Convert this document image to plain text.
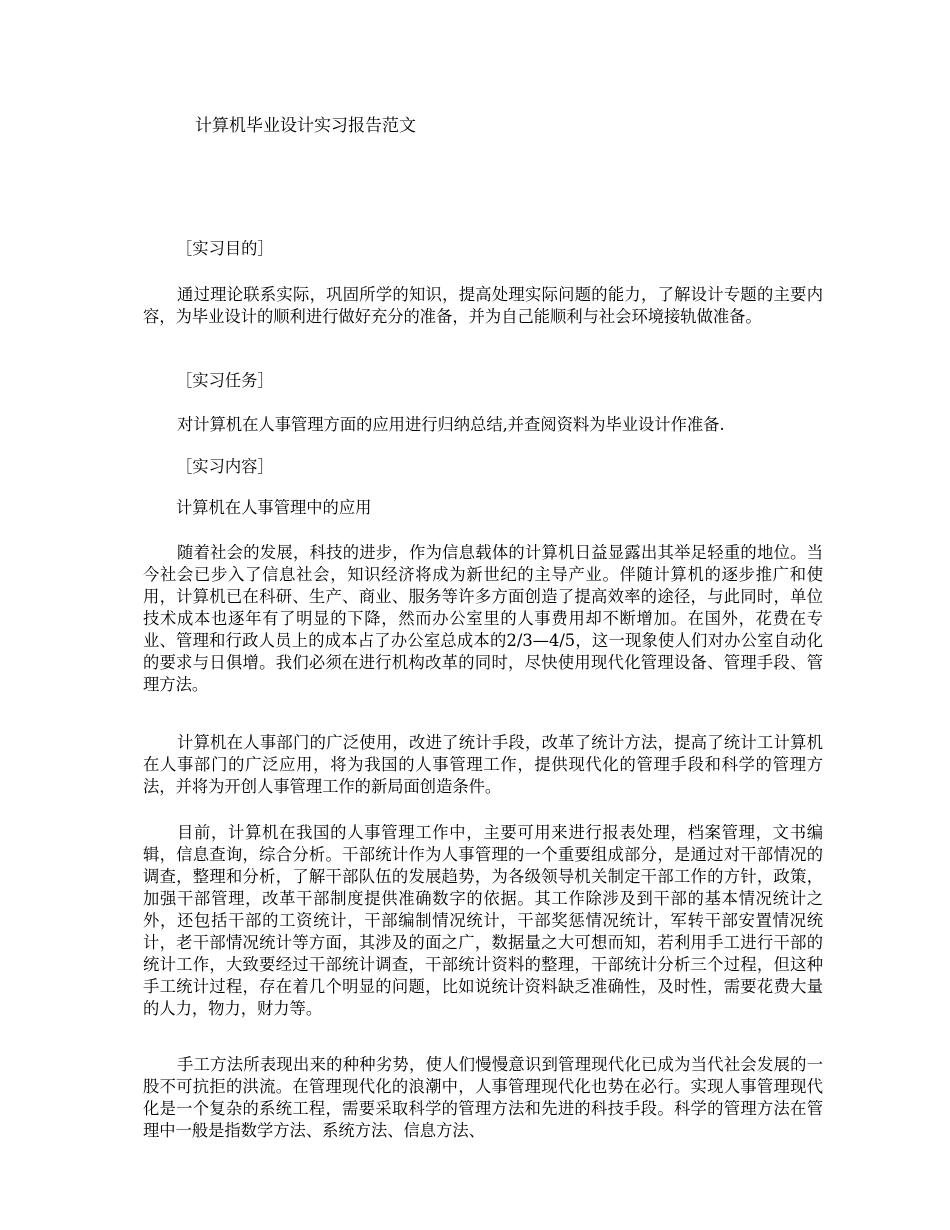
计算机毕业设计实习报告范文

［实习目的］

通过理论联系实际，巩固所学的知识，提高处理实际问题的能力，了解设计专题的主要内容，为毕业设计的顺利进行做好充分的准备，并为自己能顺利与社会环境接轨做准备。

［实习任务］

对计算机在人事管理方面的应用进行归纳总结,并查阅资料为毕业设计作准备.

［实习内容］

计算机在人事管理中的应用

随着社会的发展，科技的进步，作为信息载体的计算机日益显露出其举足轻重的地位。当今社会已步入了信息社会，知识经济将成为新世纪的主导产业。伴随计算机的逐步推广和使用，计算机已在科研、生产、商业、服务等许多方面创造了提高效率的途径，与此同时，单位技术成本也逐年有了明显的下降，然而办公室里的人事费用却不断增加。在国外，花费在专业、管理和行政人员上的成本占了办公室总成本的2/3—4/5，这一现象使人们对办公室自动化的要求与日俱增。我们必须在进行机构改革的同时，尽快使用现代化管理设备、管理手段、管理方法。

计算机在人事部门的广泛使用，改进了统计手段，改革了统计方法，提高了统计工计算机在人事部门的广泛应用，将为我国的人事管理工作，提供现代化的管理手段和科学的管理方法，并将为开创人事管理工作的新局面创造条件。

目前，计算机在我国的人事管理工作中，主要可用来进行报表处理，档案管理，文书编辑，信息查询，综合分析。干部统计作为人事管理的一个重要组成部分，是通过对干部情况的调查，整理和分析，了解干部队伍的发展趋势，为各级领导机关制定干部工作的方针，政策，加强干部管理，改革干部制度提供准确数字的依据。其工作除涉及到干部的基本情况统计之外，还包括干部的工资统计，干部编制情况统计，干部奖惩情况统计，军转干部安置情况统计，老干部情况统计等方面，其涉及的面之广，数据量之大可想而知，若利用手工进行干部的统计工作，大致要经过干部统计调查，干部统计资料的整理，干部统计分析三个过程，但这种手工统计过程，存在着几个明显的问题，比如说统计资料缺乏准确性，及时性，需要花费大量的人力，物力，财力等。

手工方法所表现出来的种种劣势，使人们慢慢意识到管理现代化已成为当代社会发展的一股不可抗拒的洪流。在管理现代化的浪潮中，人事管理现代化也势在必行。实现人事管理现代化是一个复杂的系统工程，需要采取科学的管理方法和先进的科技手段。科学的管理方法在管理中一般是指数学方法、系统方法、信息方法、
